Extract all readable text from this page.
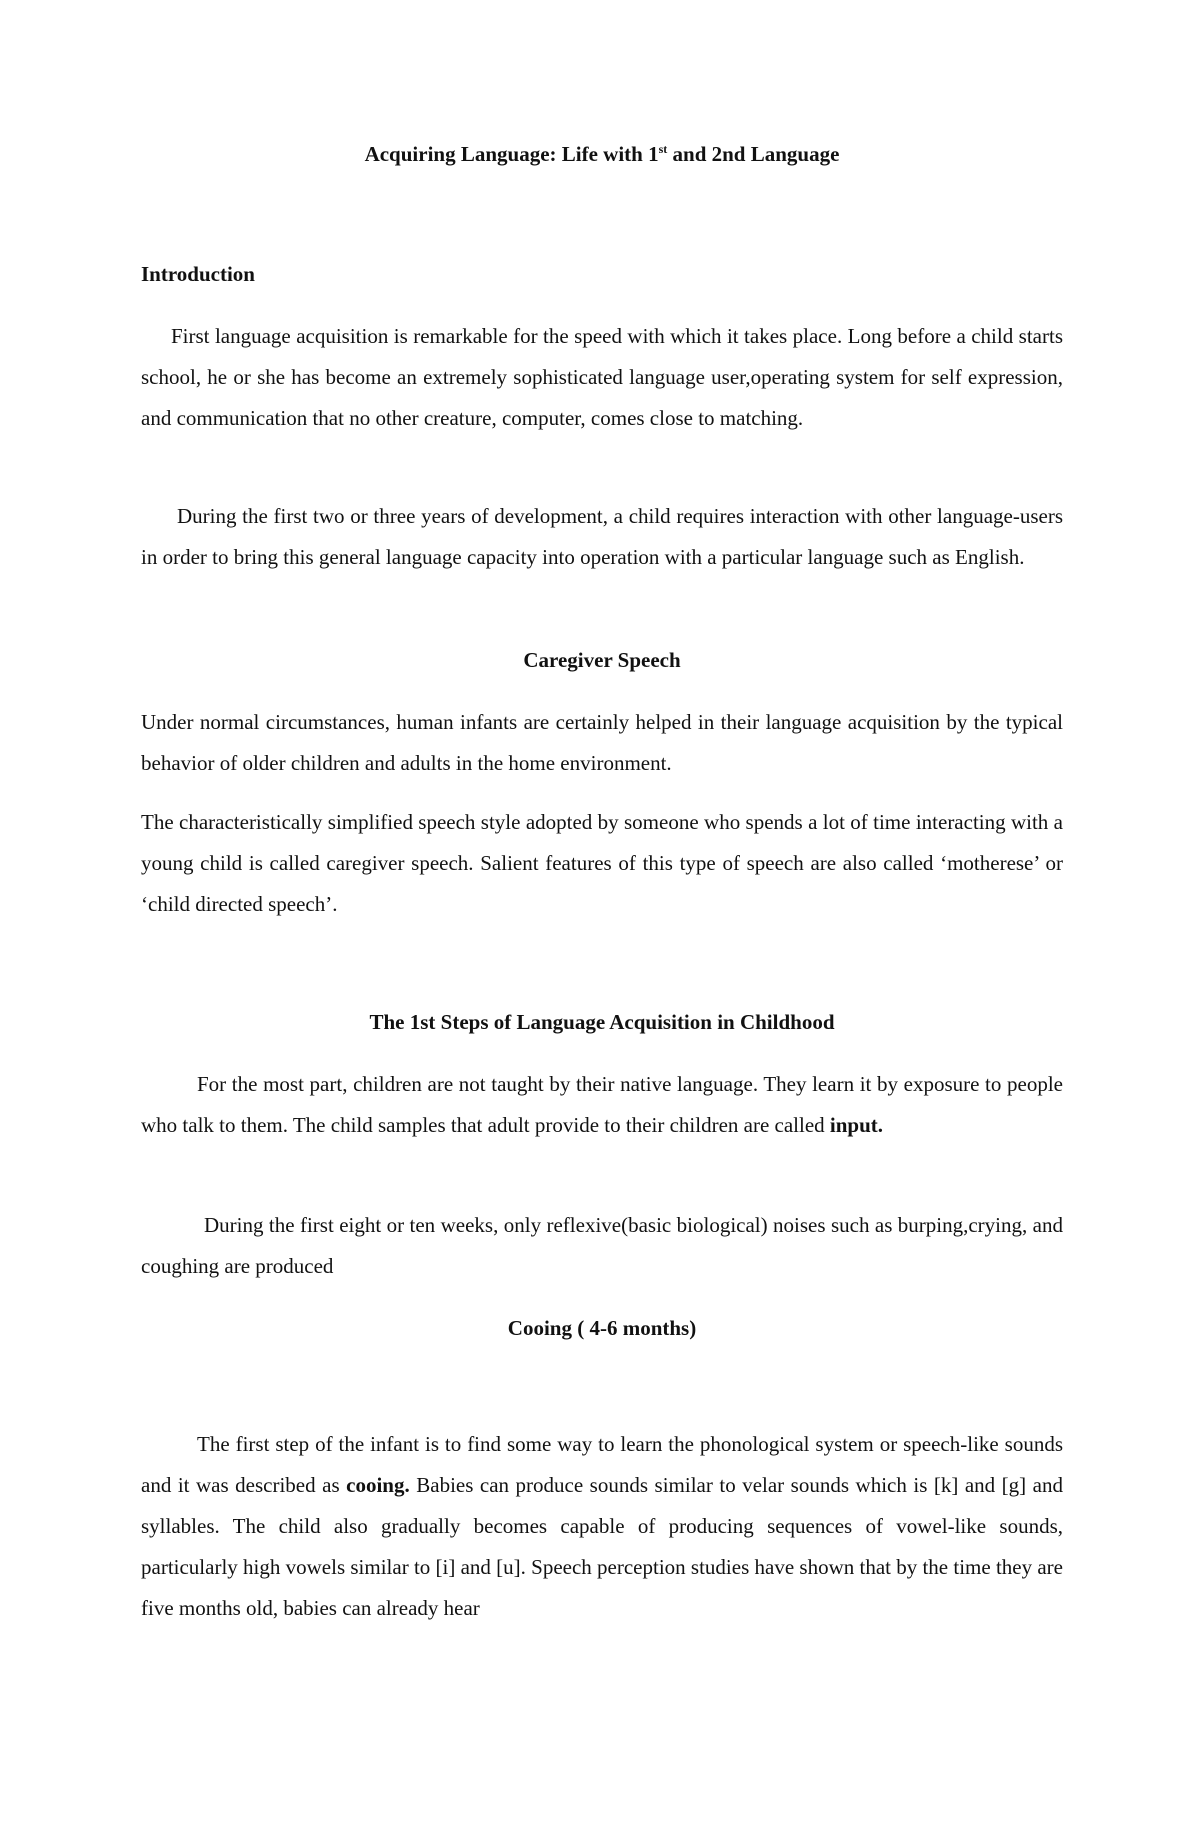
Acquiring Language: Life with 1st and 2nd Language
Introduction

First language acquisition is remarkable for the speed with which it takes place. Long before a child starts school, he or she has become an extremely sophisticated language user,operating system for self expression, and communication that no other creature, computer, comes close to matching.

During the first two or three years of development, a child requires interaction with other language-users in order to bring this general language capacity into operation with a particular language such as English.

Caregiver Speech

Under normal circumstances, human infants are certainly helped in their language acquisition by the typical behavior of older children and adults in the home environment.

The characteristically simplified speech style adopted by someone who spends a lot of time interacting with a young child is called caregiver speech. Salient features of this type of speech are also called ‘motherese’ or ‘child directed speech’.

The 1st Steps of Language Acquisition in Childhood

For the most part, children are not taught by their native language. They learn it by exposure to people who talk to them. The child samples that adult provide to their children are called input.

During the first eight or ten weeks, only reflexive(basic biological) noises such as burping,crying, and coughing are produced

Cooing ( 4-6 months)

The first step of the infant is to find some way to learn the phonological system or speech-like sounds and it was described as cooing. Babies can produce sounds similar to velar sounds which is [k] and [g] and syllables. The child also gradually becomes capable of producing sequences of vowel-like sounds, particularly high vowels similar to [i] and [u]. Speech perception studies have shown that by the time they are five months old, babies can already hear
